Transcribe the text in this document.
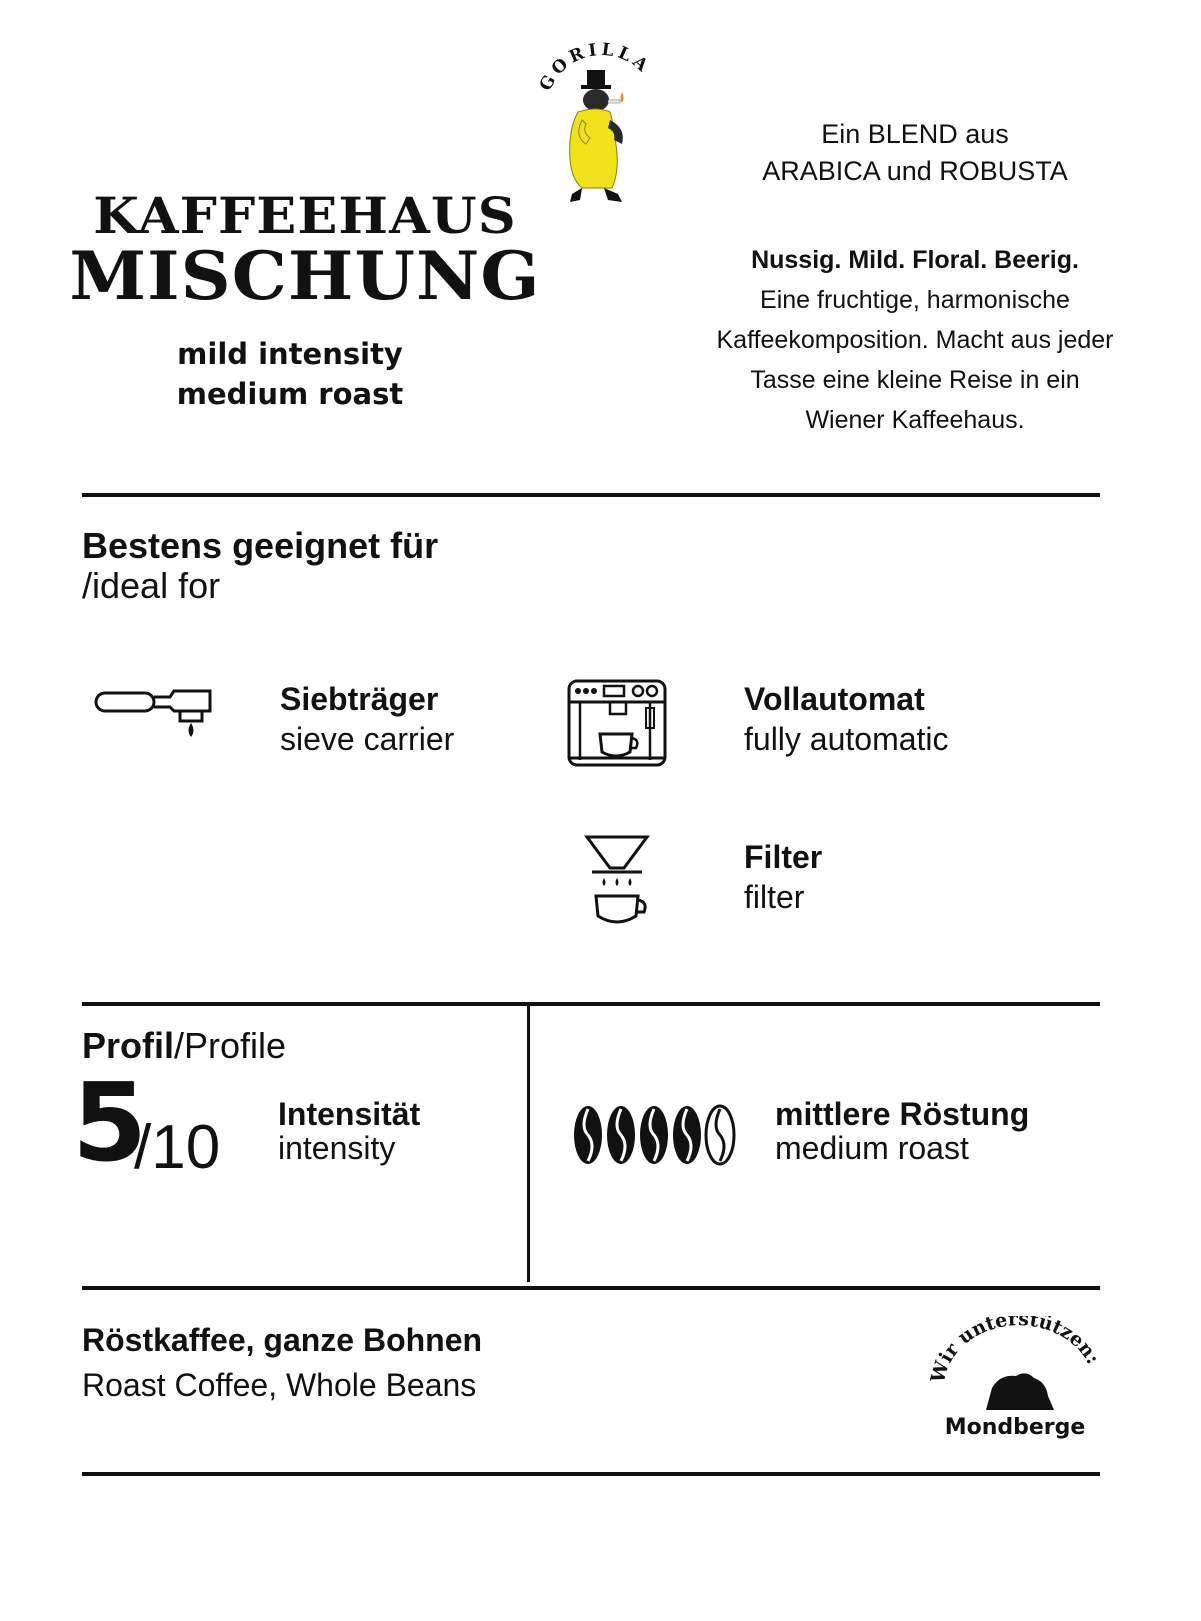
GORILLA
KAFFEEHAUS
MISCHUNG
mild intensity
medium roast
Ein BLEND aus
ARABICA und ROBUSTA
Nussig. Mild. Floral. Beerig.
Eine fruchtige, harmonische
Kaffeekomposition. Macht aus jeder
Tasse eine kleine Reise in ein
Wiener Kaffeehaus.
Bestens geeignet für
/ideal for
Siebträger
sieve carrier
Vollautomat
fully automatic
Filter
filter
Profil/Profile
5
/10 Intensität
intensity
mittlere Röstung
medium roast
Röstkaffee, ganze Bohnen
Roast Coffee, Whole Beans
ir unterstützen:
Mondberge
